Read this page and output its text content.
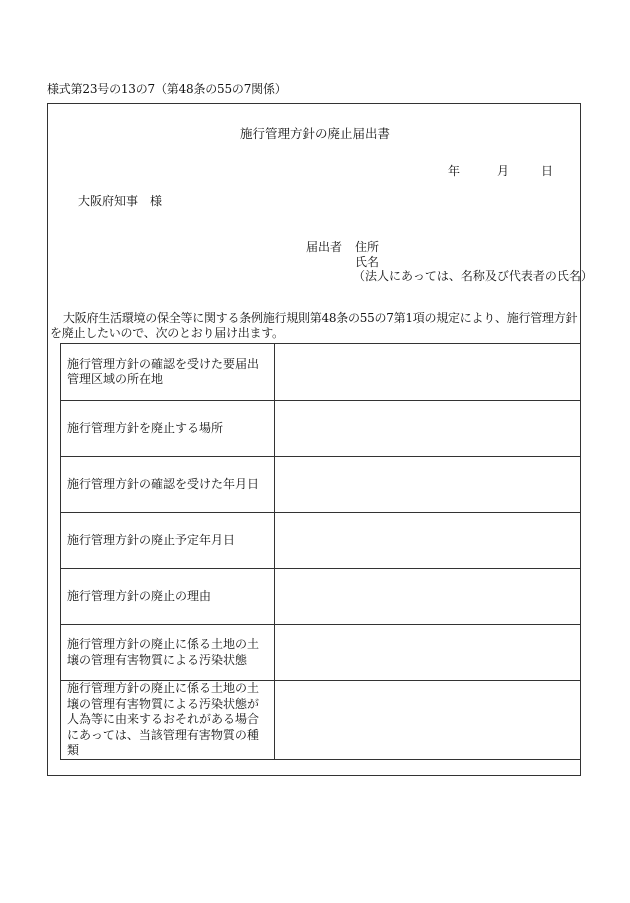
様式第23号の13の7（第48条の55の7関係）
施行管理方針の廃止届出書
年	月	日
大阪府知事　様
届出者 住所
氏名
（法人にあっては、名称及び代表者の氏名）
大阪府生活環境の保全等に関する条例施行規則第48条の55の7第1項の規定により、施行管理方針を廃止したいので、次のとおり届け出ます。
施行管理方針の確認を受けた要届出管理区域の所在地	
施行管理方針を廃止する場所	
施行管理方針の確認を受けた年月日	
施行管理方針の廃止予定年月日	
施行管理方針の廃止の理由	
施行管理方針の廃止に係る土地の土壌の管理有害物質による汚染状態	
施行管理方針の廃止に係る土地の土壌の管理有害物質による汚染状態が人為等に由来するおそれがある場合にあっては、当該管理有害物質の種類	
